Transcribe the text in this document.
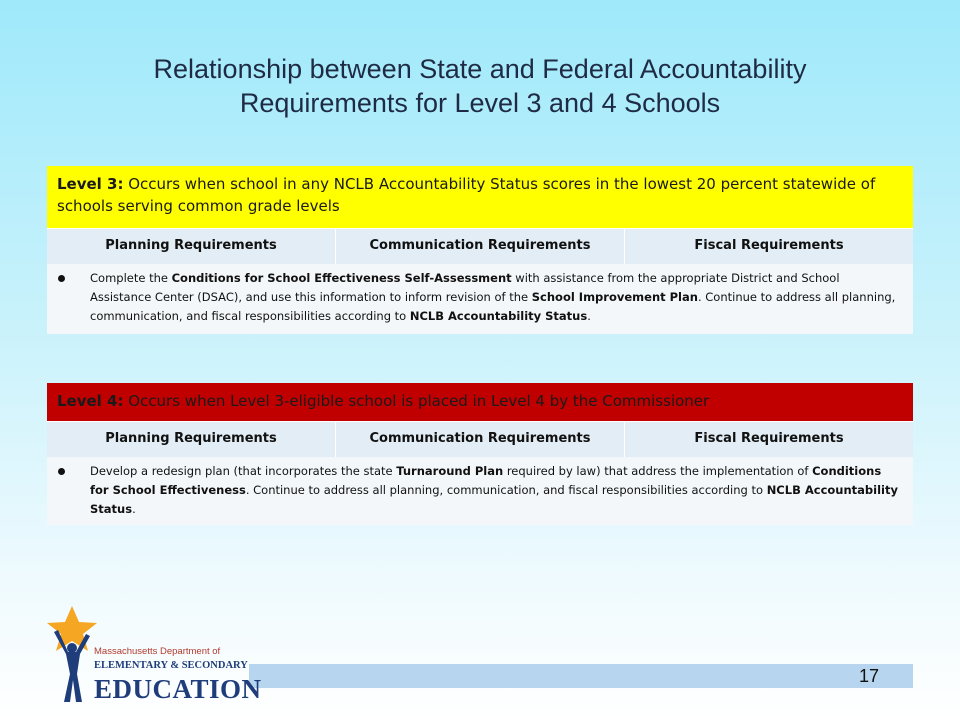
Relationship between State and Federal Accountability
Requirements for Level 3 and 4 Schools
Level 3: Occurs when school in any NCLB Accountability Status scores in the lowest 20 percent statewide of schools serving common grade levels
Planning Requirements	Communication Requirements	Fiscal Requirements
Complete the Conditions for School Effectiveness Self-Assessment with assistance from the appropriate District and School Assistance Center (DSAC), and use this information to inform revision of the School Improvement Plan. Continue to address all planning, communication, and fiscal responsibilities according to NCLB Accountability Status.
Level 4: Occurs when Level 3-eligible school is placed in Level 4 by the Commissioner
Planning Requirements	Communication Requirements	Fiscal Requirements
Develop a redesign plan (that incorporates the state Turnaround Plan required by law) that address the implementation of Conditions for School Effectiveness. Continue to address all planning, communication, and fiscal responsibilities according to NCLB Accountability Status.
17
Massachusetts Department of
ELEMENTARY & SECONDARY
EDUCATION
